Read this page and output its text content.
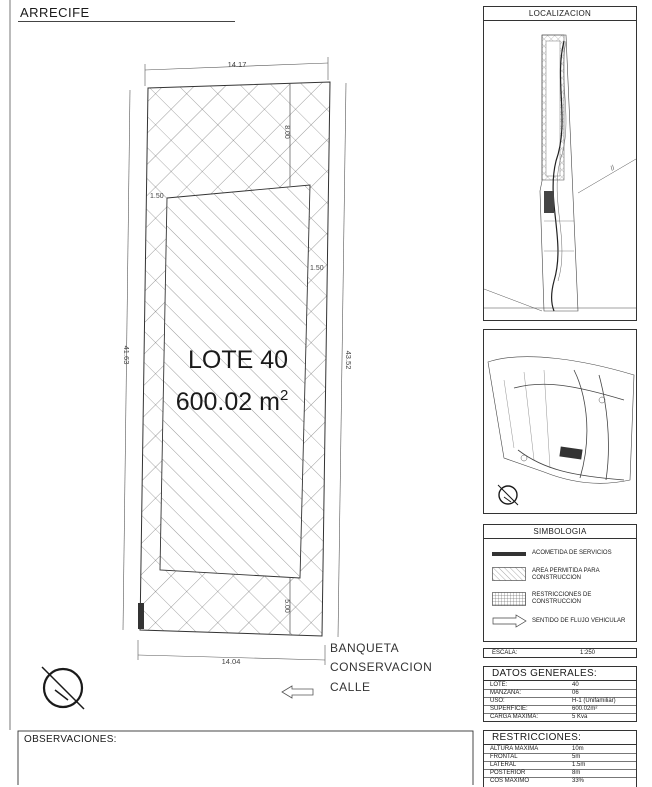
LOTE 40
600.02 $m^2$
14.17
14.04
41.63	43.52
8.00
5.00
1.50
1.50
BANQUETA
CONSERVACION
CALLE
ARRECIFE	LOCALIZACION
//
SIMBOLOGIA
ACOMETIDA DE SERVICIOS
AREA PERMITIDA PARA CONSTRUCCION
RESTRICCIONES DE CONSTRUCCION
SENTIDO DE FLUJO VEHICULAR
ESCALA:	1:250
DATOS GENERALES:
LOTE:	40
MANZANA:	06
USO:	H-1 (Unifamiliar)
SUPERFICIE:	600.02m²
CARGA MAXIMA:	5 Kva
RESTRICCIONES:
ALTURA MAXIMA	10m
FRONTAL	5m
LATERAL	1.5m
POSTERIOR	8m
COS MAXIMO	33%
OBSERVACIONES:
